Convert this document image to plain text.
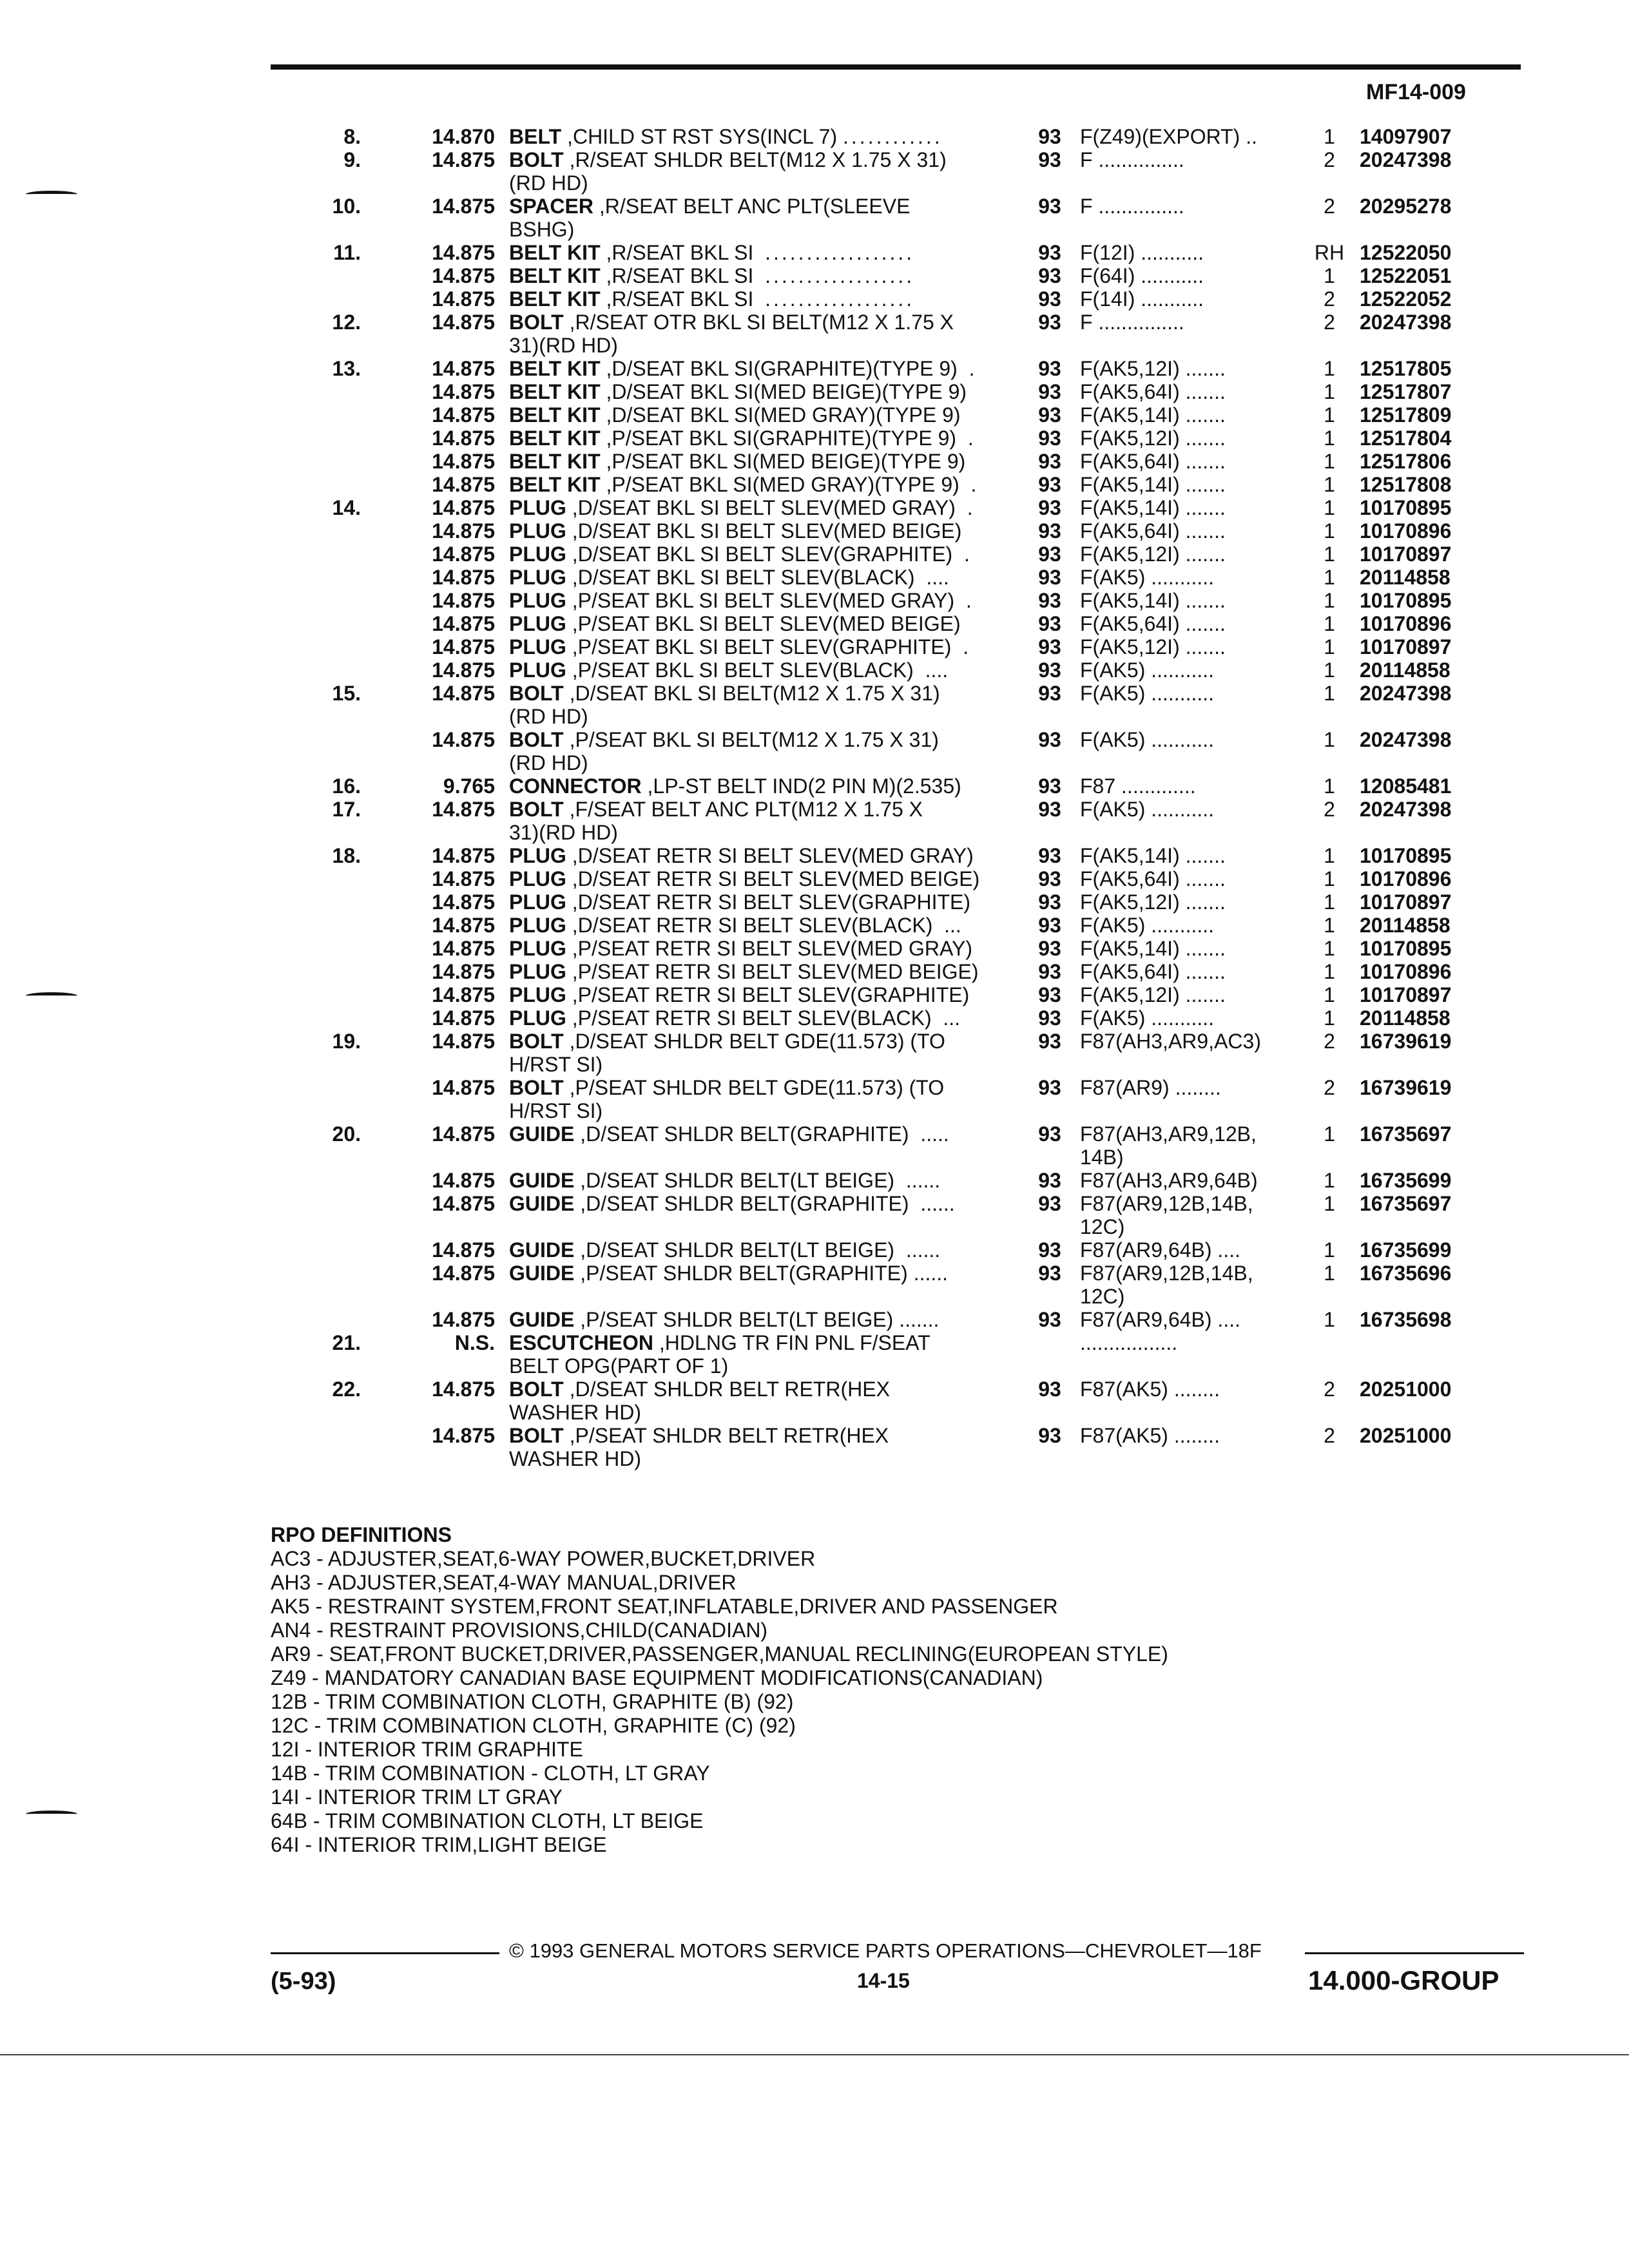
MF14-009
8.	14.870 BELT ,CHILD ST RST SYS(INCL 7) ............	93 F(Z49)(EXPORT) ..	1	14097907
9.	14.875 BOLT ,R/SEAT SHLDR BELT(M12 X 1.75 X 31)	93 F ...............	2	20247398
(RD HD)
10.	14.875 SPACER ,R/SEAT BELT ANC PLT(SLEEVE	93 F ...............	2	20295278
BSHG)
11.	14.875 BELT KIT ,R/SEAT BKL SI  ..................	93 F(12I) ...........	RH 12522050
14.875 BELT KIT ,R/SEAT BKL SI  ..................	93 F(64I) ...........	1	12522051
14.875 BELT KIT ,R/SEAT BKL SI  ..................	93 F(14I) ...........	2	12522052
12.	14.875 BOLT ,R/SEAT OTR BKL SI BELT(M12 X 1.75 X	93 F ...............	2	20247398
31)(RD HD)
13.	14.875 BELT KIT ,D/SEAT BKL SI(GRAPHITE)(TYPE 9)  .	93 F(AK5,12I) .......	1	12517805
14.875 BELT KIT ,D/SEAT BKL SI(MED BEIGE)(TYPE 9)	93 F(AK5,64I) .......	1	12517807
14.875 BELT KIT ,D/SEAT BKL SI(MED GRAY)(TYPE 9)	93 F(AK5,14I) .......	1	12517809
14.875 BELT KIT ,P/SEAT BKL SI(GRAPHITE)(TYPE 9)  .	93 F(AK5,12I) .......	1	12517804
14.875 BELT KIT ,P/SEAT BKL SI(MED BEIGE)(TYPE 9)	93 F(AK5,64I) .......	1	12517806
14.875 BELT KIT ,P/SEAT BKL SI(MED GRAY)(TYPE 9)  .	93 F(AK5,14I) .......	1	12517808
14.	14.875 PLUG ,D/SEAT BKL SI BELT SLEV(MED GRAY)  .	93 F(AK5,14I) .......	1	10170895
14.875 PLUG ,D/SEAT BKL SI BELT SLEV(MED BEIGE)	93 F(AK5,64I) .......	1	10170896
14.875 PLUG ,D/SEAT BKL SI BELT SLEV(GRAPHITE)  .	93 F(AK5,12I) .......	1	10170897
14.875 PLUG ,D/SEAT BKL SI BELT SLEV(BLACK)  ....	93 F(AK5) ...........	1	20114858
14.875 PLUG ,P/SEAT BKL SI BELT SLEV(MED GRAY)  .	93 F(AK5,14I) .......	1	10170895
14.875 PLUG ,P/SEAT BKL SI BELT SLEV(MED BEIGE)	93 F(AK5,64I) .......	1	10170896
14.875 PLUG ,P/SEAT BKL SI BELT SLEV(GRAPHITE)  .	93 F(AK5,12I) .......	1	10170897
14.875 PLUG ,P/SEAT BKL SI BELT SLEV(BLACK)  ....	93 F(AK5) ...........	1	20114858
15.	14.875 BOLT ,D/SEAT BKL SI BELT(M12 X 1.75 X 31)	93 F(AK5) ...........	1	20247398
(RD HD)
14.875 BOLT ,P/SEAT BKL SI BELT(M12 X 1.75 X 31)	93 F(AK5) ...........	1	20247398
(RD HD)
16.	9.765 CONNECTOR ,LP-ST BELT IND(2 PIN M)(2.535)	93 F87 .............	1	12085481
17.	14.875 BOLT ,F/SEAT BELT ANC PLT(M12 X 1.75 X	93 F(AK5) ...........	2	20247398
31)(RD HD)
18.	14.875 PLUG ,D/SEAT RETR SI BELT SLEV(MED GRAY)	93 F(AK5,14I) .......	1	10170895
14.875 PLUG ,D/SEAT RETR SI BELT SLEV(MED BEIGE)	93 F(AK5,64I) .......	1	10170896
14.875 PLUG ,D/SEAT RETR SI BELT SLEV(GRAPHITE)	93 F(AK5,12I) .......	1	10170897
14.875 PLUG ,D/SEAT RETR SI BELT SLEV(BLACK)  ...	93 F(AK5) ...........	1	20114858
14.875 PLUG ,P/SEAT RETR SI BELT SLEV(MED GRAY)	93 F(AK5,14I) .......	1	10170895
14.875 PLUG ,P/SEAT RETR SI BELT SLEV(MED BEIGE)	93 F(AK5,64I) .......	1	10170896
14.875 PLUG ,P/SEAT RETR SI BELT SLEV(GRAPHITE)	93 F(AK5,12I) .......	1	10170897
14.875 PLUG ,P/SEAT RETR SI BELT SLEV(BLACK)  ...	93 F(AK5) ...........	1	20114858
19.	14.875 BOLT ,D/SEAT SHLDR BELT GDE(11.573) (TO	93 F87(AH3,AR9,AC3)	2	16739619
H/RST SI)
14.875 BOLT ,P/SEAT SHLDR BELT GDE(11.573) (TO	93 F87(AR9) ........	2	16739619
H/RST SI)
20.	14.875 GUIDE ,D/SEAT SHLDR BELT(GRAPHITE)  .....	93 F87(AH3,AR9,12B,	1	16735697
14B)
14.875 GUIDE ,D/SEAT SHLDR BELT(LT BEIGE)  ......	93 F87(AH3,AR9,64B)	1	16735699
14.875 GUIDE ,D/SEAT SHLDR BELT(GRAPHITE)  ......	93 F87(AR9,12B,14B,	1	16735697
12C)
14.875 GUIDE ,D/SEAT SHLDR BELT(LT BEIGE)  ......	93 F87(AR9,64B) ....	1	16735699
14.875 GUIDE ,P/SEAT SHLDR BELT(GRAPHITE) ......	93 F87(AR9,12B,14B,	1	16735696
12C)
14.875 GUIDE ,P/SEAT SHLDR BELT(LT BEIGE) .......	93 F87(AR9,64B) ....	1	16735698
21.	N.S. ESCUTCHEON ,HDLNG TR FIN PNL F/SEAT	.................
BELT OPG(PART OF 1)
22.	14.875 BOLT ,D/SEAT SHLDR BELT RETR(HEX	93 F87(AK5) ........	2	20251000
WASHER HD)
14.875 BOLT ,P/SEAT SHLDR BELT RETR(HEX	93 F87(AK5) ........	2	20251000
WASHER HD)
RPO DEFINITIONS
AC3 - ADJUSTER,SEAT,6-WAY POWER,BUCKET,DRIVER
AH3 - ADJUSTER,SEAT,4-WAY MANUAL,DRIVER
AK5 - RESTRAINT SYSTEM,FRONT SEAT,INFLATABLE,DRIVER AND PASSENGER
AN4 - RESTRAINT PROVISIONS,CHILD(CANADIAN)
AR9 - SEAT,FRONT BUCKET,DRIVER,PASSENGER,MANUAL RECLINING(EUROPEAN STYLE)
Z49 - MANDATORY CANADIAN BASE EQUIPMENT MODIFICATIONS(CANADIAN)
12B - TRIM COMBINATION CLOTH, GRAPHITE (B) (92)
12C - TRIM COMBINATION CLOTH, GRAPHITE (C) (92)
12I - INTERIOR TRIM GRAPHITE
14B - TRIM COMBINATION - CLOTH, LT GRAY
14I - INTERIOR TRIM LT GRAY
64B - TRIM COMBINATION CLOTH, LT BEIGE
64I - INTERIOR TRIM,LIGHT BEIGE
© 1993 GENERAL MOTORS SERVICE PARTS OPERATIONS—CHEVROLET—18F
(5-93)	14-15	14.000-GROUP
